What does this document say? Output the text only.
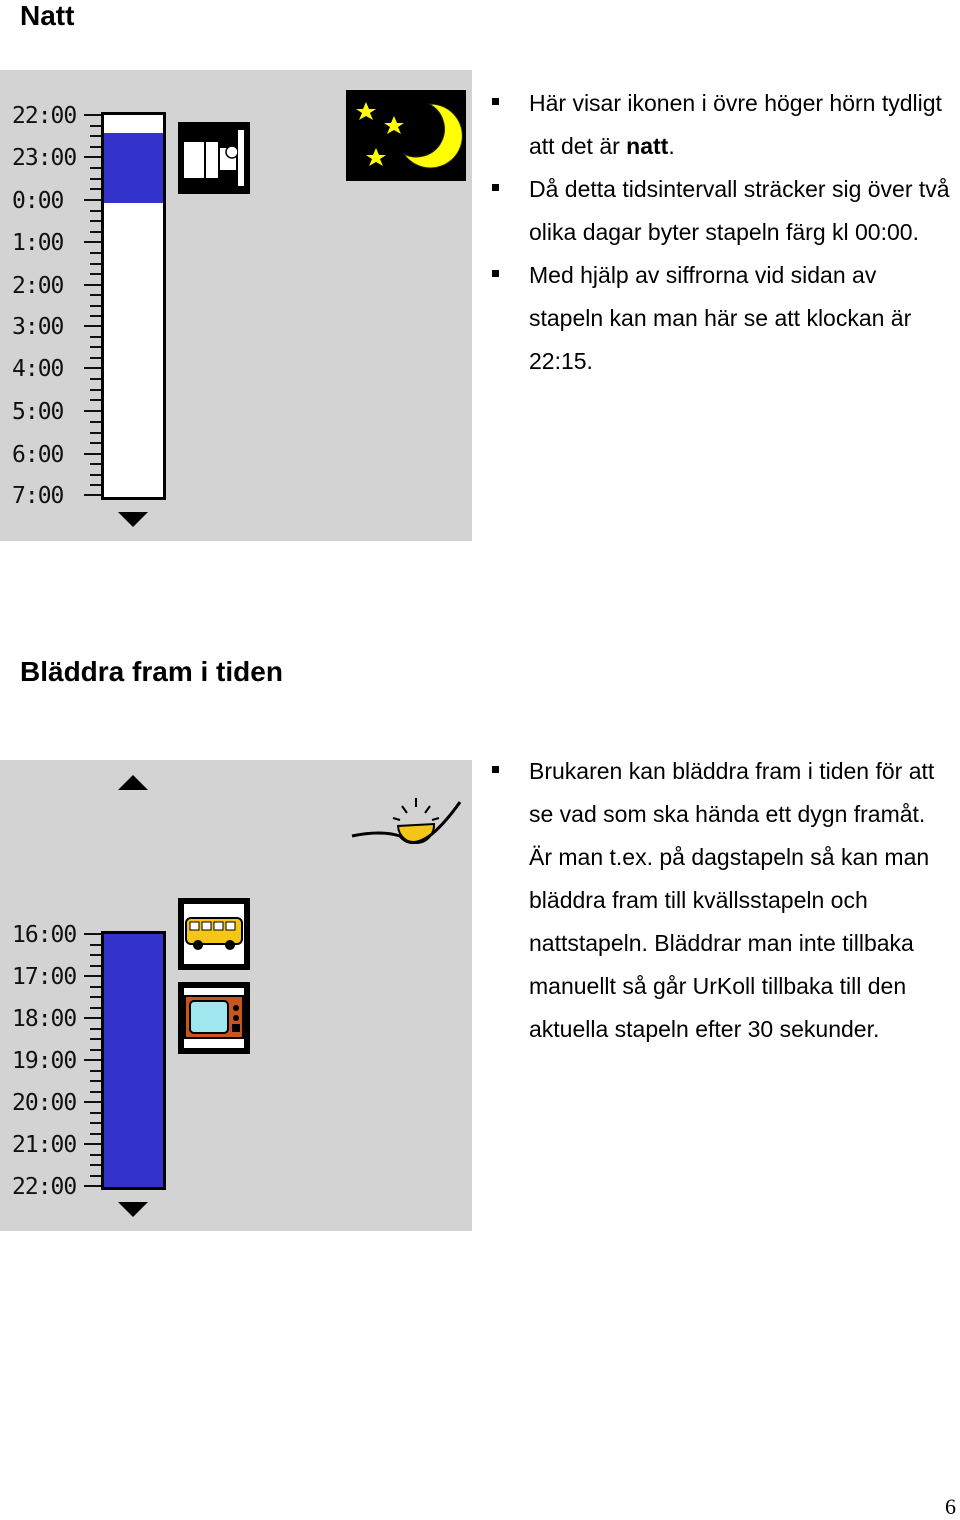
Natt
22:00
23:00
0:00
1:00
2:00
3:00
4:00
5:00
6:00
7:00
Här visar ikonen i övre höger hörn tydligt att det är natt.
Då detta tidsintervall sträcker sig över två olika dagar byter stapeln färg kl 00:00.
Med hjälp av siffrorna vid sidan av stapeln kan man här se att klockan är 22:15.
Bläddra fram i tiden
16:00
17:00
18:00
19:00
20:00
21:00
22:00
Brukaren kan bläddra fram i tiden för att se vad som ska hända ett dygn framåt. Är man t.ex. på dagstapeln så kan man bläddra fram till kvällsstapeln och nattstapeln. Bläddrar man inte tillbaka manuellt så går UrKoll tillbaka till den aktuella stapeln efter 30 sekunder.
6
